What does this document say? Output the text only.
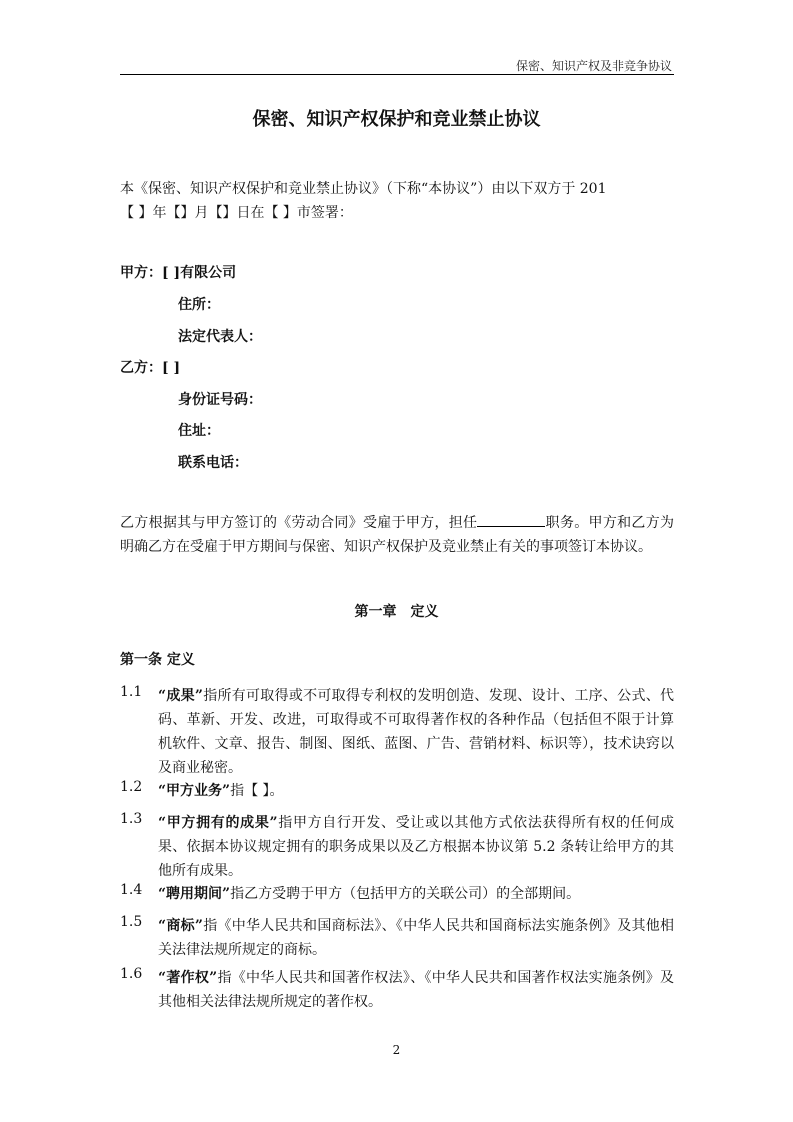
保密、知识产权及非竞争协议
保密、知识产权保护和竞业禁止协议
本《保密、知识产权保护和竞业禁止协议》（下称“本协议”）由以下双方于 201
【 】年【】月【】日在【 】市签署：
甲方：[ ]有限公司
住所：
法定代表人：
乙方：[ ]
身份证号码：
住址：
联系电话：
乙方根据其与甲方签订的《劳动合同》受雇于甲方，担任	职务。甲方和乙方为明确乙方在受雇于甲方期间与保密、知识产权保护及竞业禁止有关的事项签订本协议。
第一章　定义
第一条 定义
1.1	“成果”指所有可取得或不可取得专利权的发明创造、发现、设计、工序、公式、代码、革新、开发、改进，可取得或不可取得著作权的各种作品（包括但不限于计算机软件、文章、报告、制图、图纸、蓝图、广告、营销材料、标识等），技术诀窍以及商业秘密。
1.2	“甲方业务”指【 】。
1.3	“甲方拥有的成果”指甲方自行开发、受让或以其他方式依法获得所有权的任何成果、依据本协议规定拥有的职务成果以及乙方根据本协议第 5.2 条转让给甲方的其他所有成果。
1.4	“聘用期间”指乙方受聘于甲方（包括甲方的关联公司）的全部期间。
1.5	“商标”指《中华人民共和国商标法》、《中华人民共和国商标法实施条例》及其他相关法律法规所规定的商标。
1.6	“著作权”指《中华人民共和国著作权法》、《中华人民共和国著作权法实施条例》及其他相关法律法规所规定的著作权。
2
